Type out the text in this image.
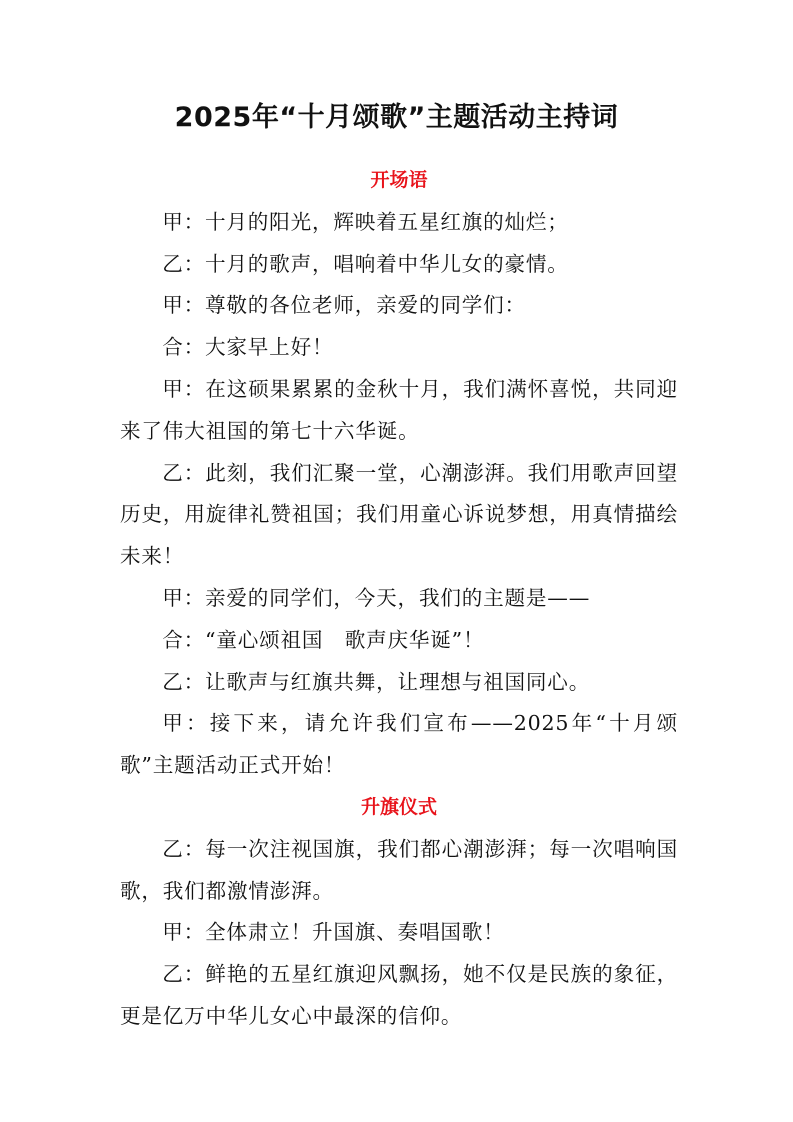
2025年“十月颂歌”主题活动主持词
开场语

甲：十月的阳光，辉映着五星红旗的灿烂；

乙：十月的歌声，唱响着中华儿女的豪情。

甲：尊敬的各位老师，亲爱的同学们：

合：大家早上好！

甲：在这硕果累累的金秋十月，我们满怀喜悦，共同迎来了伟大祖国的第七十六华诞。

乙：此刻，我们汇聚一堂，心潮澎湃。我们用歌声回望历史，用旋律礼赞祖国；我们用童心诉说梦想，用真情描绘未来！

甲：亲爱的同学们，今天，我们的主题是——

合：“童心颂祖国　歌声庆华诞”！

乙：让歌声与红旗共舞，让理想与祖国同心。

甲：接下来，请允许我们宣布——2025年“十月颂歌”主题活动正式开始！

升旗仪式

乙：每一次注视国旗，我们都心潮澎湃；每一次唱响国歌，我们都激情澎湃。

甲：全体肃立！升国旗、奏唱国歌！

乙：鲜艳的五星红旗迎风飘扬，她不仅是民族的象征，更是亿万中华儿女心中最深的信仰。
